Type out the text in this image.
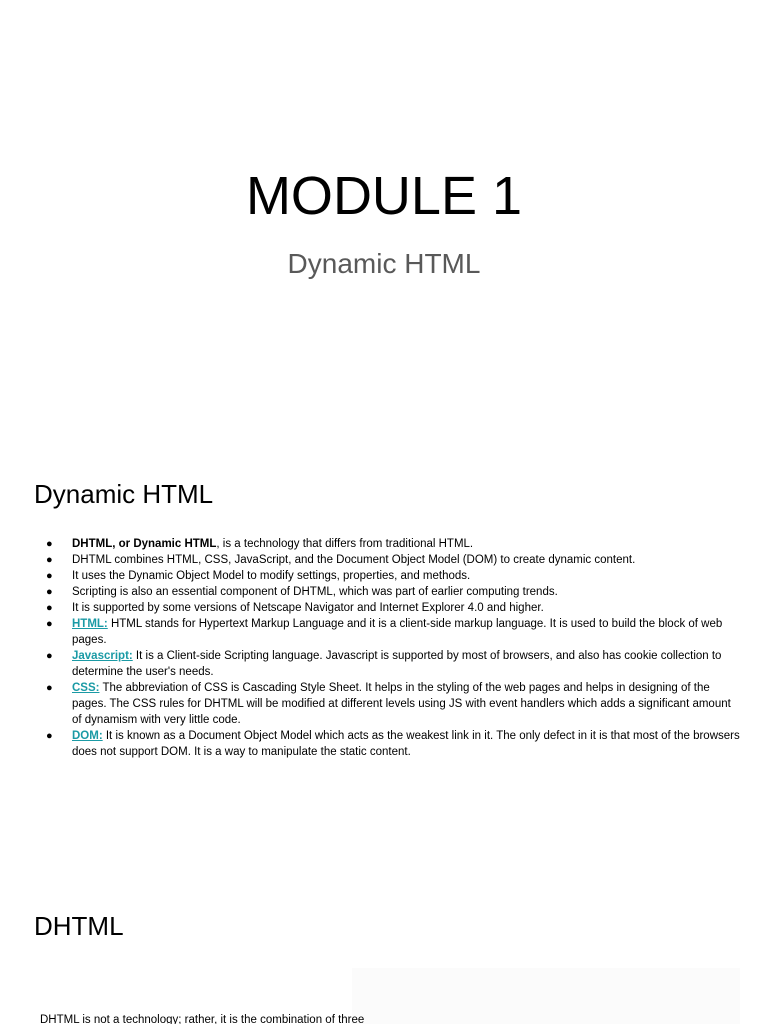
MODULE 1
Dynamic HTML
Dynamic HTML
● DHTML, or Dynamic HTML, is a technology that differs from traditional HTML.
● DHTML combines HTML, CSS, JavaScript, and the Document Object Model (DOM) to create dynamic content.
● It uses the Dynamic Object Model to modify settings, properties, and methods.
● Scripting is also an essential component of DHTML, which was part of earlier computing trends.
● It is supported by some versions of Netscape Navigator and Internet Explorer 4.0 and higher.
● HTML: HTML stands for Hypertext Markup Language and it is a client-side markup language. It is used to build the block of web pages.
● Javascript: It is a Client-side Scripting language. Javascript is supported by most of browsers, and also has cookie collection to determine the user's needs.
● CSS: The abbreviation of CSS is Cascading Style Sheet. It helps in the styling of the web pages and helps in designing of the pages. The CSS rules for DHTML will be modified at different levels using JS with event handlers which adds a significant amount of dynamism with very little code.
● DOM: It is known as a Document Object Model which acts as the weakest link in it. The only defect in it is that most of the browsers does not support DOM. It is a way to manipulate the static content.
DHTML
DHTML is not a technology; rather, it is the combination of three
